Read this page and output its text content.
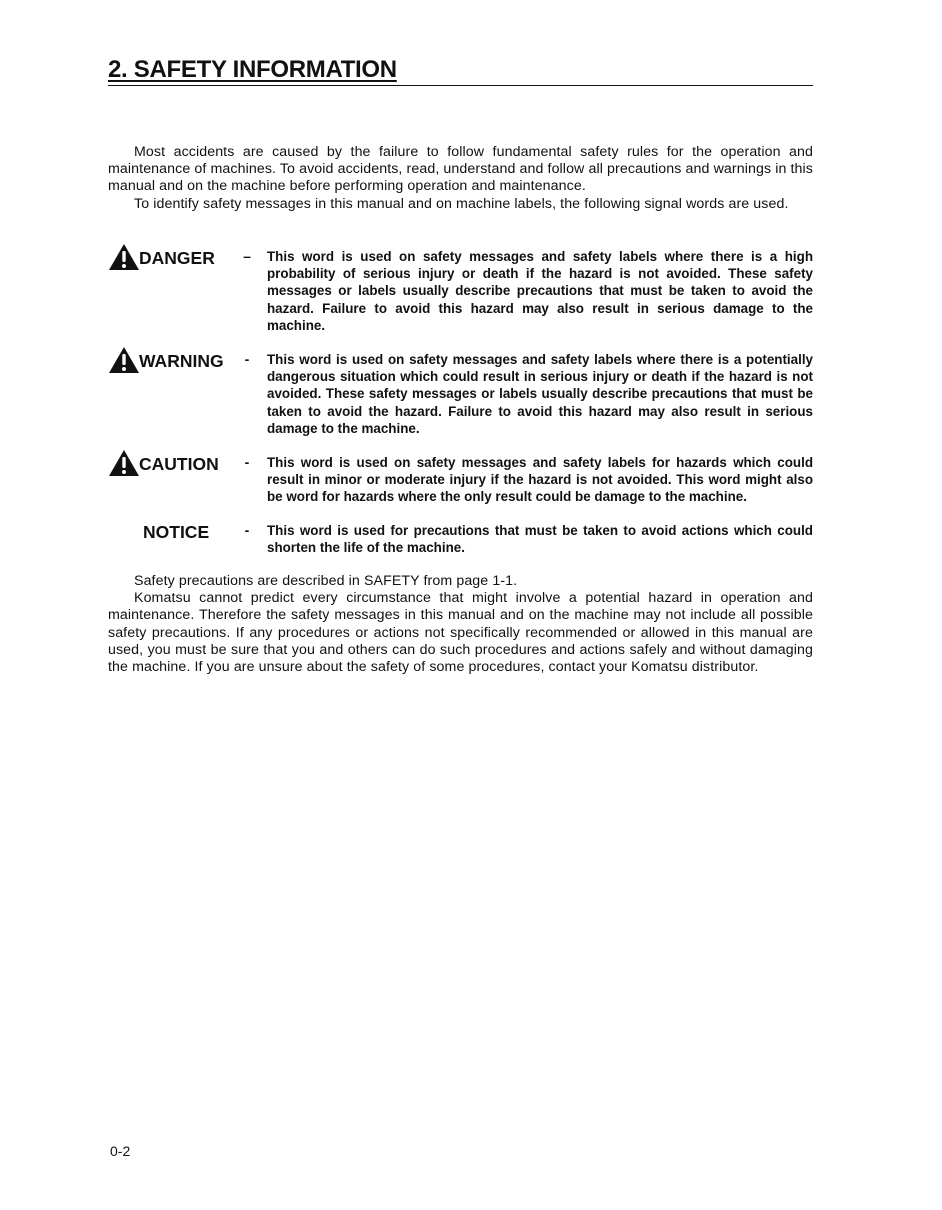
2. SAFETY INFORMATION

Most accidents are caused by the failure to follow fundamental safety rules for the operation and maintenance of machines. To avoid accidents, read, understand and follow all precautions and warnings in this manual and on the machine before performing operation and maintenance.

To identify safety messages in this manual and on machine labels, the following signal words are used.

DANGER –	This word is used on safety messages and safety labels where there is a high probability of serious injury or death if the hazard is not avoided. These safety messages or labels usually describe precautions that must be taken to avoid the hazard. Failure to avoid this hazard may also result in serious damage to the machine.

WARNING	-	This word is used on safety messages and safety labels where there is a potentially dangerous situation which could result in serious injury or death if the hazard is not avoided. These safety messages or labels usually describe precautions that must be taken to avoid the hazard. Failure to avoid this hazard may also result in serious damage to the machine.

CAUTION	-	This word is used on safety messages and safety labels for hazards which could result in minor or moderate injury if the hazard is not avoided. This word might also be word for hazards where the only result could be damage to the machine.

NOTICE	-	This word is used for precautions that must be taken to avoid actions which could shorten the life of the machine.

Safety precautions are described in SAFETY from page 1-1.

Komatsu cannot predict every circumstance that might involve a potential hazard in operation and maintenance. Therefore the safety messages in this manual and on the machine may not include all possible safety precautions. If any procedures or actions not specifically recommended or allowed in this manual are used, you must be sure that you and others can do such procedures and actions safely and without damaging the machine. If you are unsure about the safety of some procedures, contact your Komatsu distributor.

0-2
